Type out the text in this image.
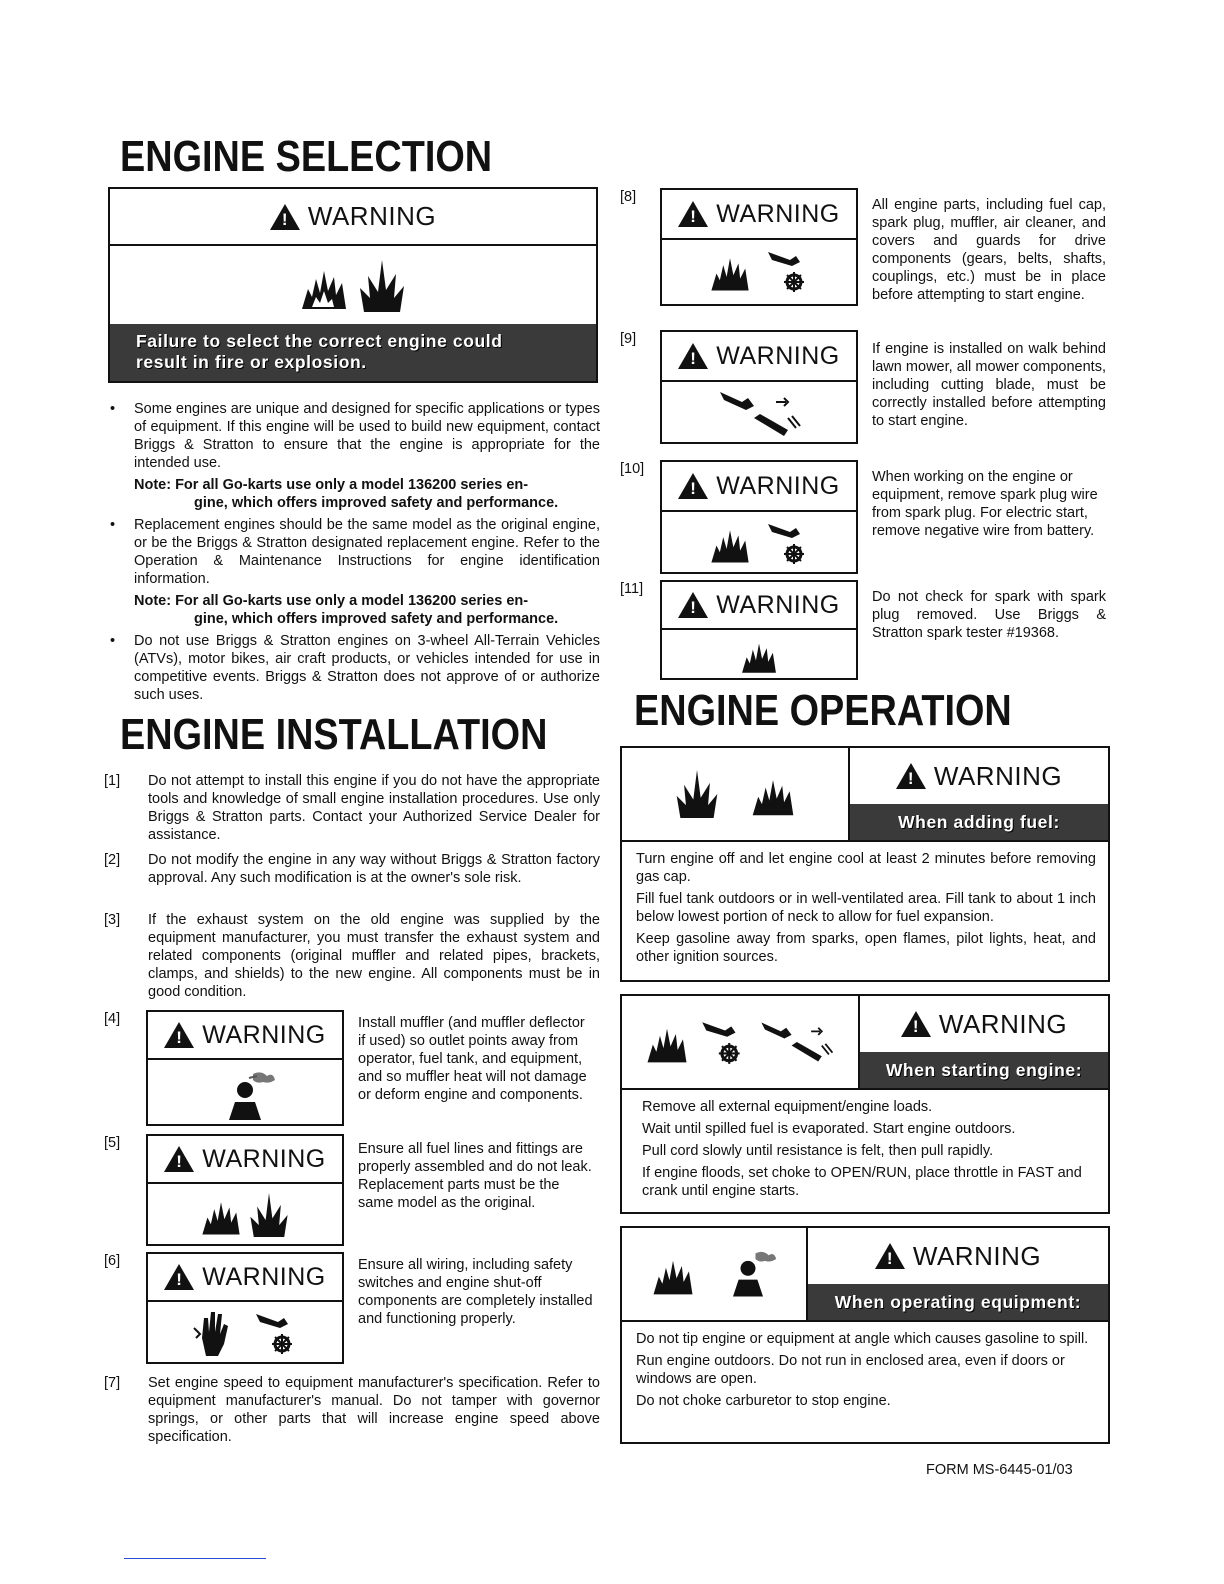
ENGINE SELECTION
!
WARNING
Failure to select the correct engine could
result in fire or explosion.
• Some engines are unique and designed for specific applications or types of equipment. If this engine will be used to build new equipment, contact Briggs & Stratton to ensure that the engine is appropriate for the intended use.
Note: For all Go-karts use only a model 136200 series en-
gine, which offers improved safety and performance.
• Replacement engines should be the same model as the original engine, or be the Briggs & Stratton designated replacement engine. Refer to the Operation & Maintenance Instructions for engine identification information.
Note: For all Go-karts use only a model 136200 series en-
gine, which offers improved safety and performance.
• Do not use Briggs & Stratton engines on 3-wheel All-Terrain Vehicles (ATVs), motor bikes, air craft products, or vehicles intended for use in competitive events. Briggs & Stratton does not approve of or authorize such uses.
ENGINE INSTALLATION
[1] Do not attempt to install this engine if you do not have the appropriate tools and knowledge of small engine installation procedures. Use only Briggs & Stratton parts. Contact your Authorized Service Dealer for assistance.
[2] Do not modify the engine in any way without Briggs & Stratton factory approval. Any such modification is at the owner's sole risk.
[3] If the exhaust system on the old engine was supplied by the equipment manufacturer, you must transfer the exhaust system and related components (original muffler and related pipes, brackets, clamps, and shields) to the new engine. All components must be in good condition.
[4]
!
WARNING Install muffler (and muffler deflector if used) so outlet points away from operator, fuel tank, and equipment, and so muffler heat will not damage or deform engine and components.
[5]
!
WARNING Ensure all fuel lines and fittings are properly assembled and do not leak. Replacement parts must be the same model as the original.
[6]
!
WARNING Ensure all wiring, including safety switches and engine shut-off components are completely installed and functioning properly.
[7] Set engine speed to equipment manufacturer's specification. Refer to equipment manufacturer's manual. Do not tamper with governor springs, or other parts that will increase engine speed above specification.
[8]
!
WARNING All engine parts, including fuel cap, spark plug, muffler, air cleaner, and covers and guards for drive components (gears, belts, shafts, couplings, etc.) must be in place before attempting to start engine.
[9]
!
WARNING If engine is installed on walk behind lawn mower, all mower components, including cutting blade, must be correctly installed before attempting to start engine.
[10]
!
WARNING When working on the engine or equipment, remove spark plug wire from spark plug. For electric start, remove negative wire from battery.
[11]
!
WARNING Do not check for spark with spark plug removed. Use Briggs & Stratton spark tester #19368.
ENGINE OPERATION
!
WARNING
When adding fuel:

Turn engine off and let engine cool at least 2 minutes before removing gas cap.

Fill fuel tank outdoors or in well-ventilated area. Fill tank to about 1 inch below lowest portion of neck to allow for fuel expansion.

Keep gasoline away from sparks, open flames, pilot lights, heat, and other ignition sources.

!
WARNING
When starting engine:

Remove all external equipment/engine loads.

Wait until spilled fuel is evaporated. Start engine outdoors.

Pull cord slowly until resistance is felt, then pull rapidly.

If engine floods, set choke to OPEN/RUN, place throttle in FAST and crank until engine starts.

!
WARNING
When operating equipment:

Do not tip engine or equipment at angle which causes gasoline to spill.

Run engine outdoors. Do not run in enclosed area, even if doors or windows are open.

Do not choke carburetor to stop engine.

FORM MS-6445-01/03
